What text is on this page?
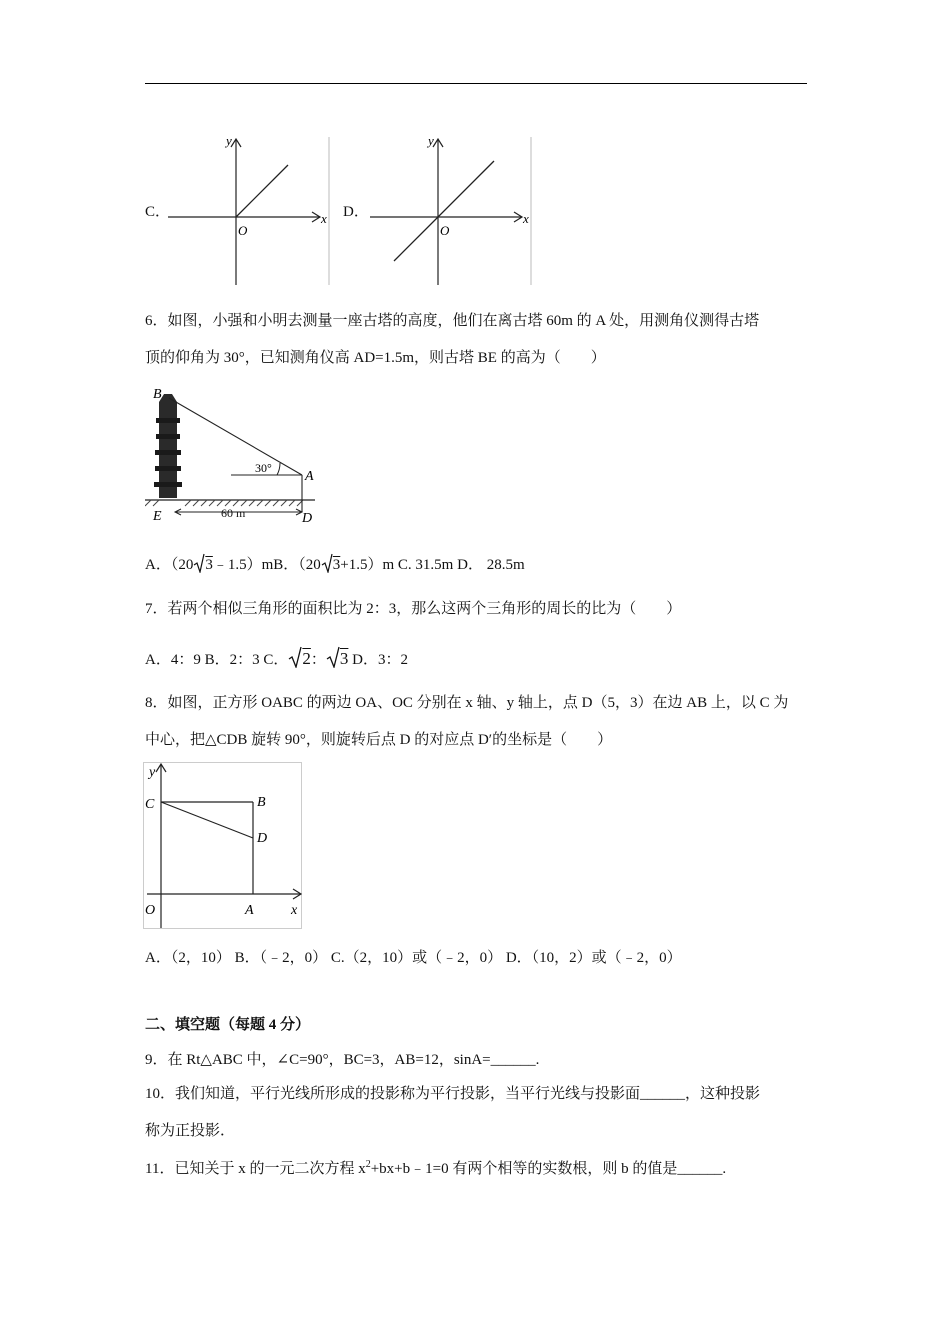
C．
y
x
O
D．
y
x
O
6．如图，小强和小明去测量一座古塔的高度，他们在离古塔 60m 的 A 处，用测角仪测得古塔
顶的仰角为 30°，已知测角仪高 AD=1.5m，则古塔 BE 的高为（　　）
B
A
30°
E	D
60 m
A．（20 3﹣1.5）mB．（20 3+1.5）m C. 31.5m D． 28.5m
7．若两个相似三角形的面积比为 2：3，那么这两个三角形的周长的比为（　　）
A．4：9 B．2：3 C． 2： 3 D．3：2
8．如图，正方形 OABC 的两边 OA、OC 分别在 x 轴、y 轴上，点 D（5，3）在边 AB 上，以 C 为
中心，把△CDB 旋转 90°，则旋转后点 D 的对应点 D′的坐标是（　　）
y
C	B
D
O	A	x
A．（2，10） B．（﹣2，0） C.（2，10）或（﹣2，0） D．（10，2）或（﹣2，0）
二、填空题（每题 4 分）
9．在 Rt△ABC 中，∠C=90°，BC=3，AB=12，sinA=______.
10．我们知道，平行光线所形成的投影称为平行投影，当平行光线与投影面______，这种投影
称为正投影．
11．已知关于 x 的一元二次方程 $x^2+bx+b﹣1=0$ 有两个相等的实数根，则 b 的值是______.
